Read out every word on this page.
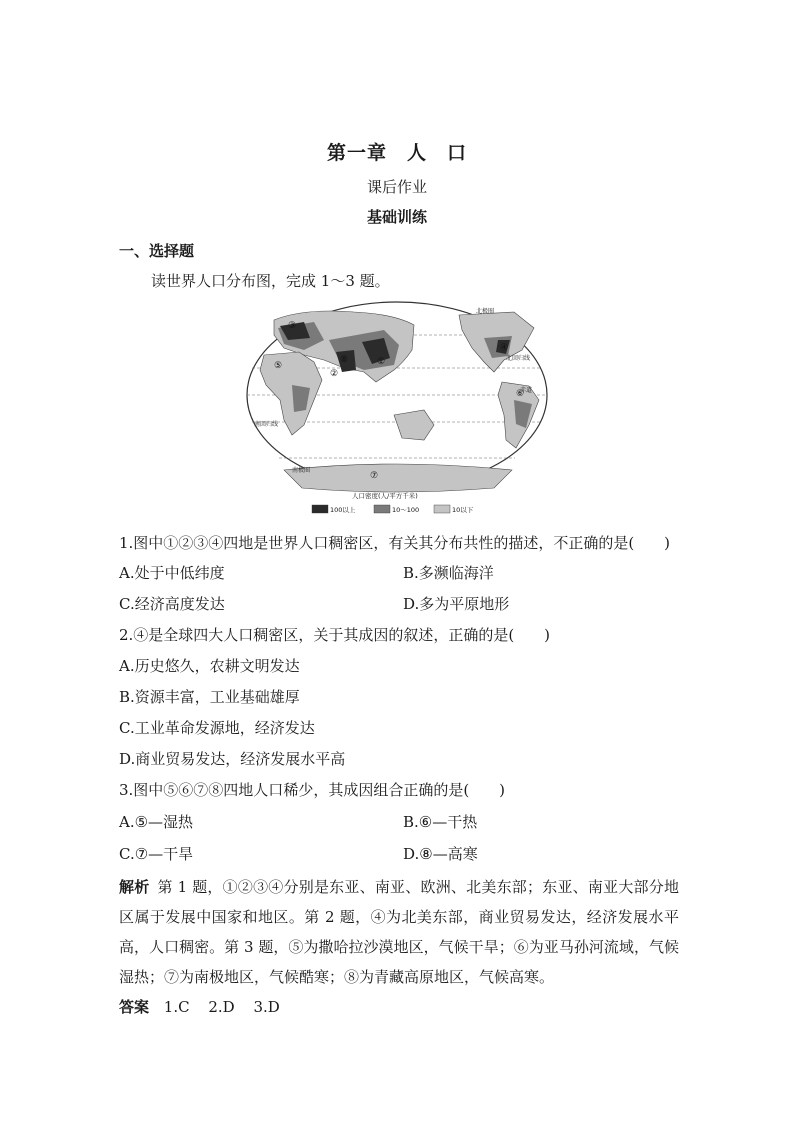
第一章　人　口
课后作业
基础训练
一、选择题
读世界人口分布图，完成 1～3 题。
①
②
③
④
⑤
⑥
⑦
⑧
北极圈
北回归线
赤道
南回归线
南极圈
人口密度(人/平方千米)
100以上	10～100	10以下
1.图中①②③④四地是世界人口稠密区，有关其分布共性的描述，不正确的是(　　)
A.处于中低纬度	B.多濒临海洋
C.经济高度发达	D.多为平原地形
2.④是全球四大人口稠密区，关于其成因的叙述，正确的是(　　)
A.历史悠久，农耕文明发达
B.资源丰富，工业基础雄厚
C.工业革命发源地，经济发达
D.商业贸易发达，经济发展水平高
3.图中⑤⑥⑦⑧四地人口稀少，其成因组合正确的是(　　)
A.⑤—湿热	B.⑥—干热
C.⑦—干旱	D.⑧—高寒
解析 第 1 题，①②③④分别是东亚、南亚、欧洲、北美东部；东亚、南亚大部分地区属于发展中国家和地区。第 2 题，④为北美东部，商业贸易发达，经济发展水平高，人口稠密。第 3 题，⑤为撒哈拉沙漠地区，气候干旱；⑥为亚马孙河流域，气候湿热；⑦为南极地区，气候酷寒；⑧为青藏高原地区，气候高寒。
答案 1.C 2.D 3.D
